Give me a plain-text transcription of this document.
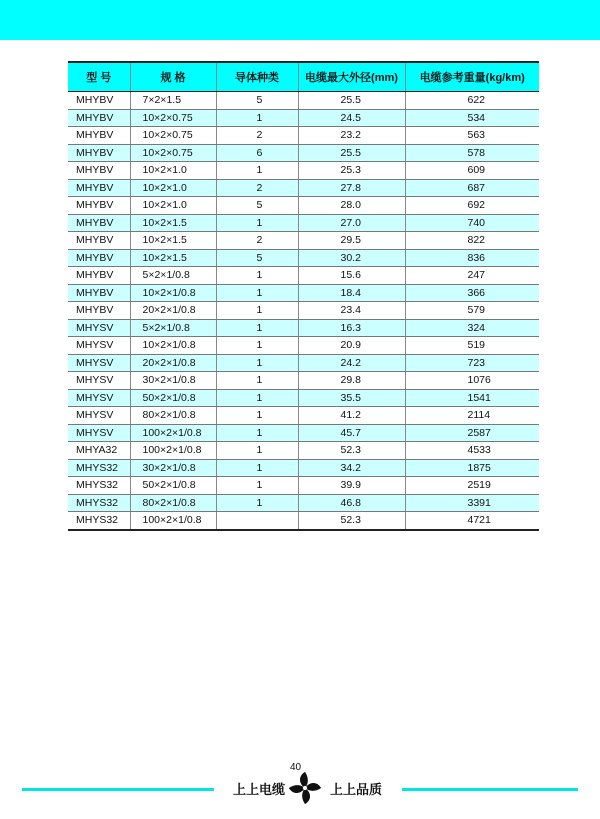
型 号	规 格	导体种类	电缆最大外径(mm)	电缆参考重量(kg/km)
MHYBV	7×2×1.5	5	25.5	622
MHYBV	10×2×0.75	1	24.5	534
MHYBV	10×2×0.75	2	23.2	563
MHYBV	10×2×0.75	6	25.5	578
MHYBV	10×2×1.0	1	25.3	609
MHYBV	10×2×1.0	2	27.8	687
MHYBV	10×2×1.0	5	28.0	692
MHYBV	10×2×1.5	1	27.0	740
MHYBV	10×2×1.5	2	29.5	822
MHYBV	10×2×1.5	5	30.2	836
MHYBV	5×2×1/0.8	1	15.6	247
MHYBV	10×2×1/0.8	1	18.4	366
MHYBV	20×2×1/0.8	1	23.4	579
MHYSV	5×2×1/0.8	1	16.3	324
MHYSV	10×2×1/0.8	1	20.9	519
MHYSV	20×2×1/0.8	1	24.2	723
MHYSV	30×2×1/0.8	1	29.8	1076
MHYSV	50×2×1/0.8	1	35.5	1541
MHYSV	80×2×1/0.8	1	41.2	2114
MHYSV	100×2×1/0.8	1	45.7	2587
MHYA32	100×2×1/0.8	1	52.3	4533
MHYS32	30×2×1/0.8	1	34.2	1875
MHYS32	50×2×1/0.8	1	39.9	2519
MHYS32	80×2×1/0.8	1	46.8	3391
MHYS32	100×2×1/0.8		52.3	4721
40
上上电缆	上上品质
